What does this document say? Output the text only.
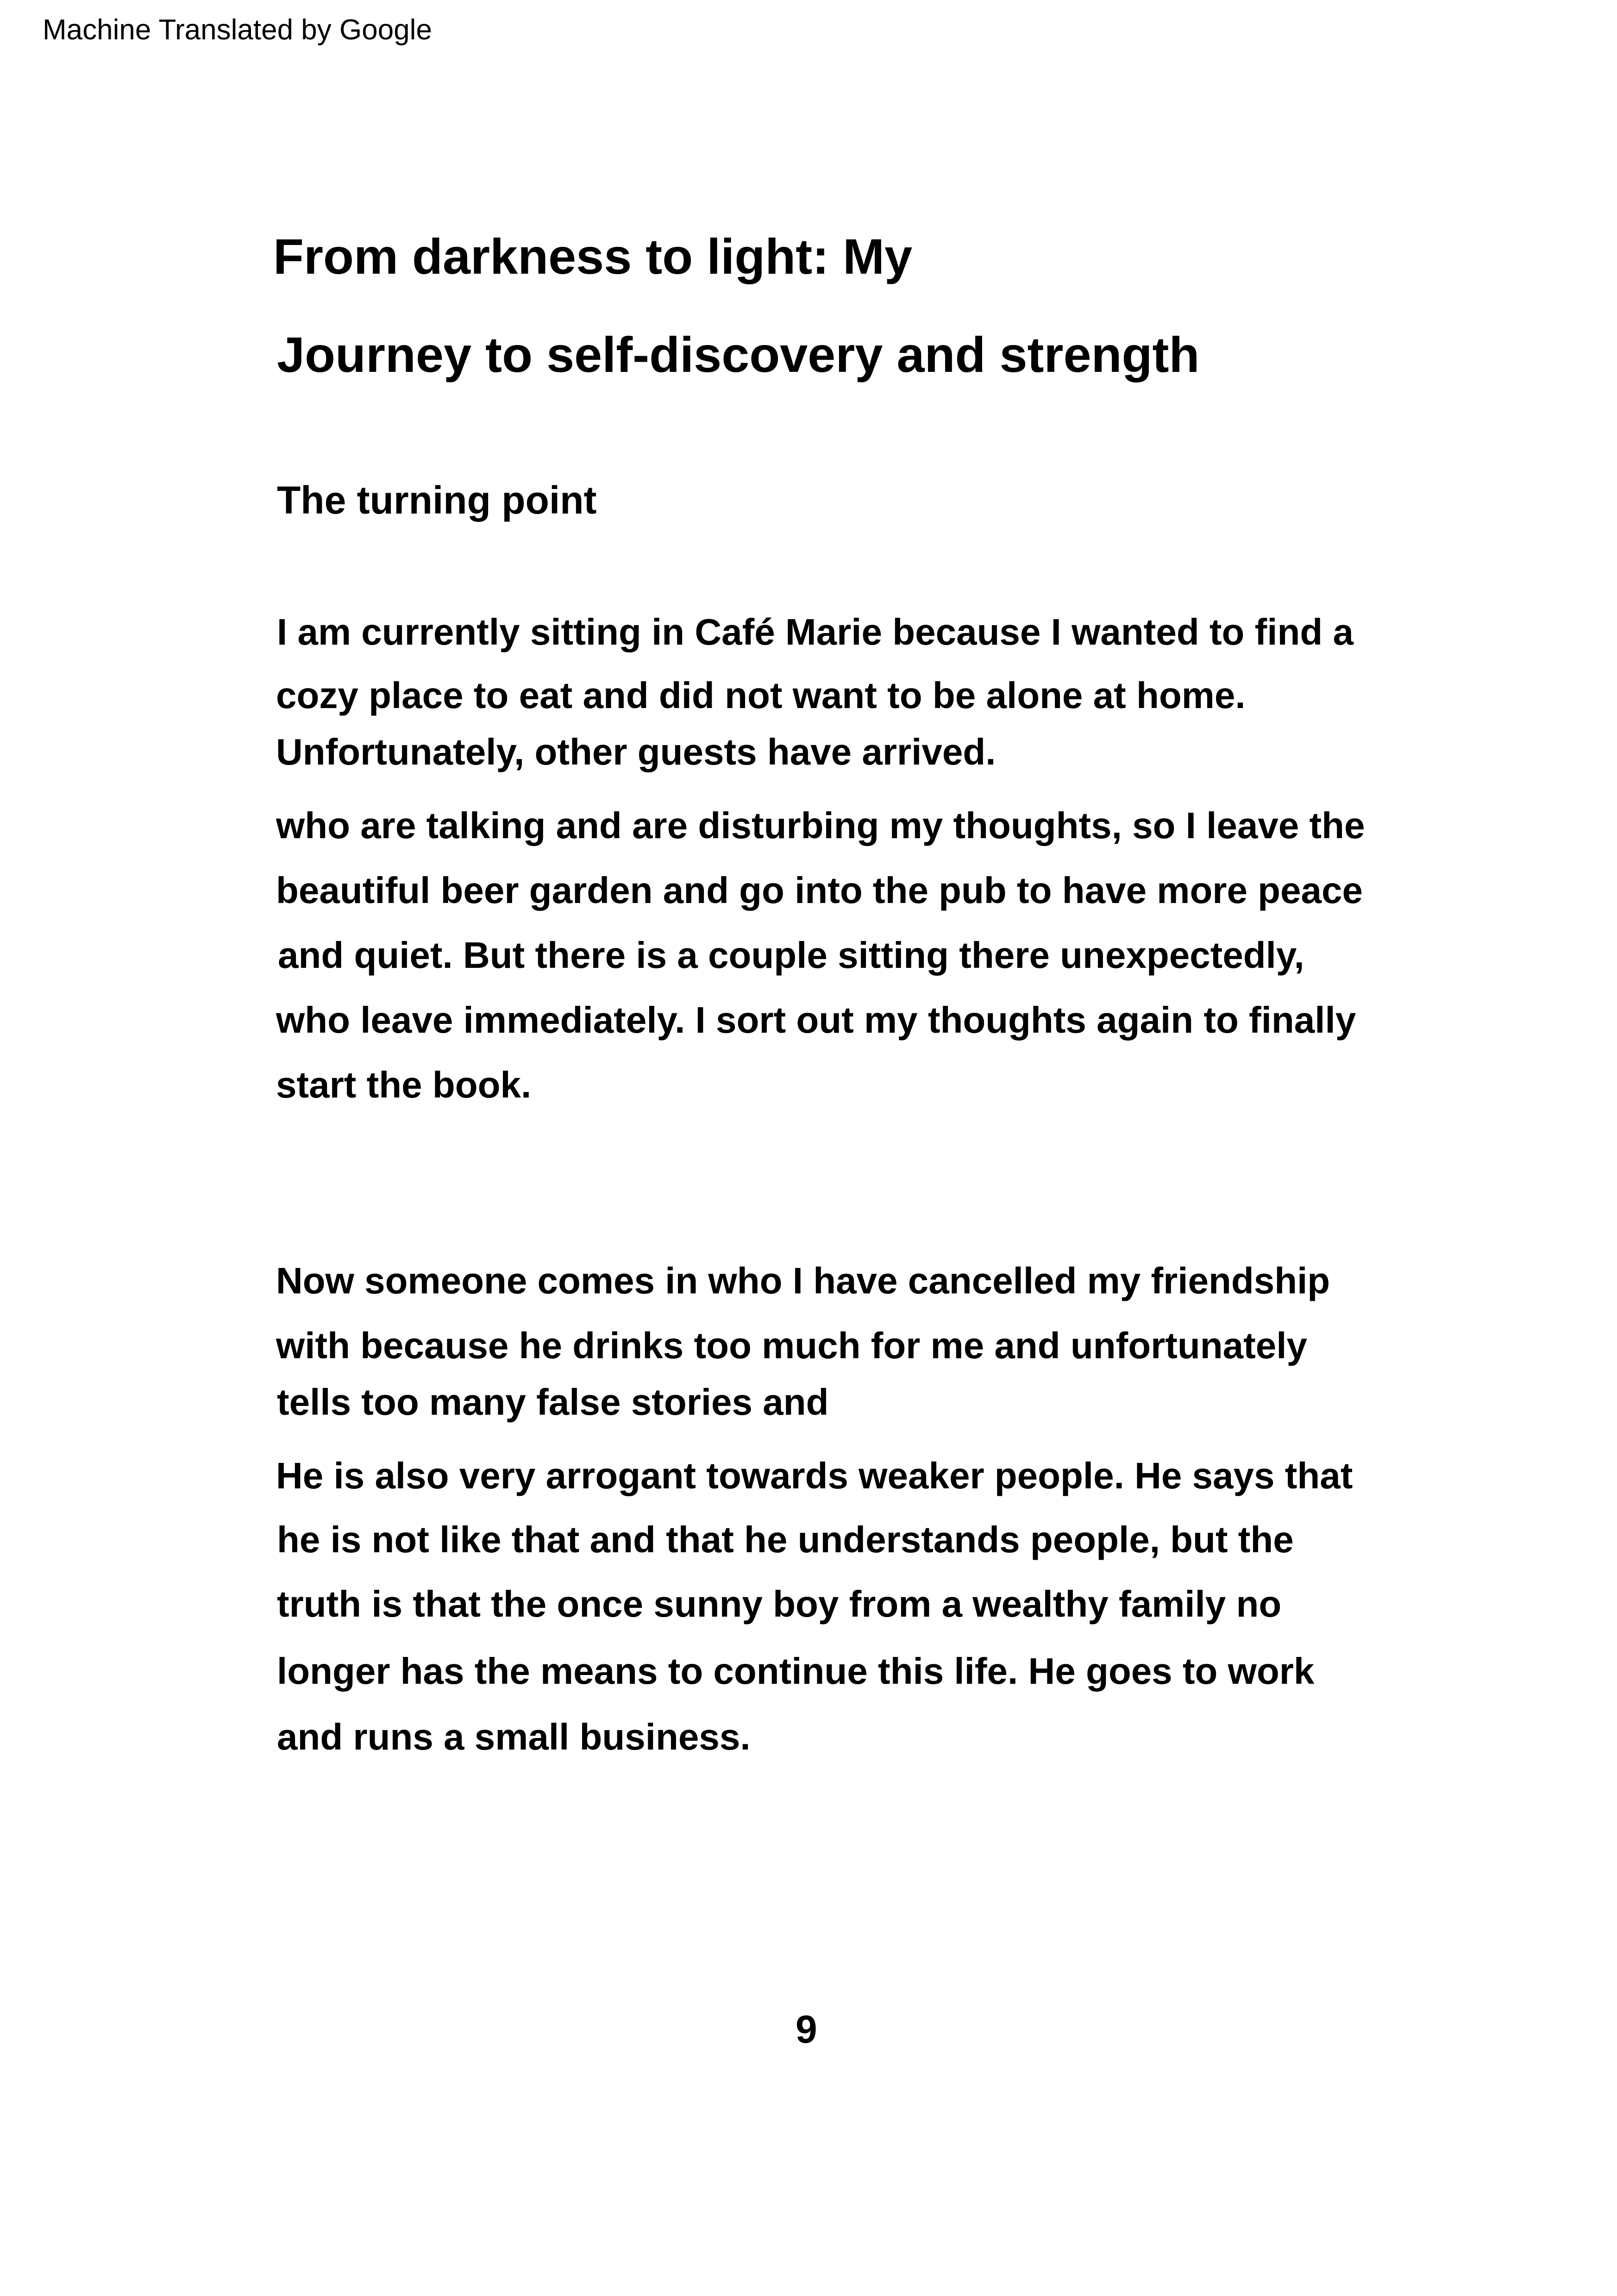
Machine Translated by Google
From darkness to light: My
Journey to self-discovery and strength
The turning point
I am currently sitting in Café Marie because I wanted to find a
cozy place to eat and did not want to be alone at home.
Unfortunately, other guests have arrived.
who are talking and are disturbing my thoughts, so I leave the
beautiful beer garden and go into the pub to have more peace
and quiet. But there is a couple sitting there unexpectedly,
who leave immediately. I sort out my thoughts again to finally
start the book.
Now someone comes in who I have cancelled my friendship
with because he drinks too much for me and unfortunately
tells too many false stories and
He is also very arrogant towards weaker people. He says that
he is not like that and that he understands people, but the
truth is that the once sunny boy from a wealthy family no
longer has the means to continue this life. He goes to work
and runs a small business.
9
